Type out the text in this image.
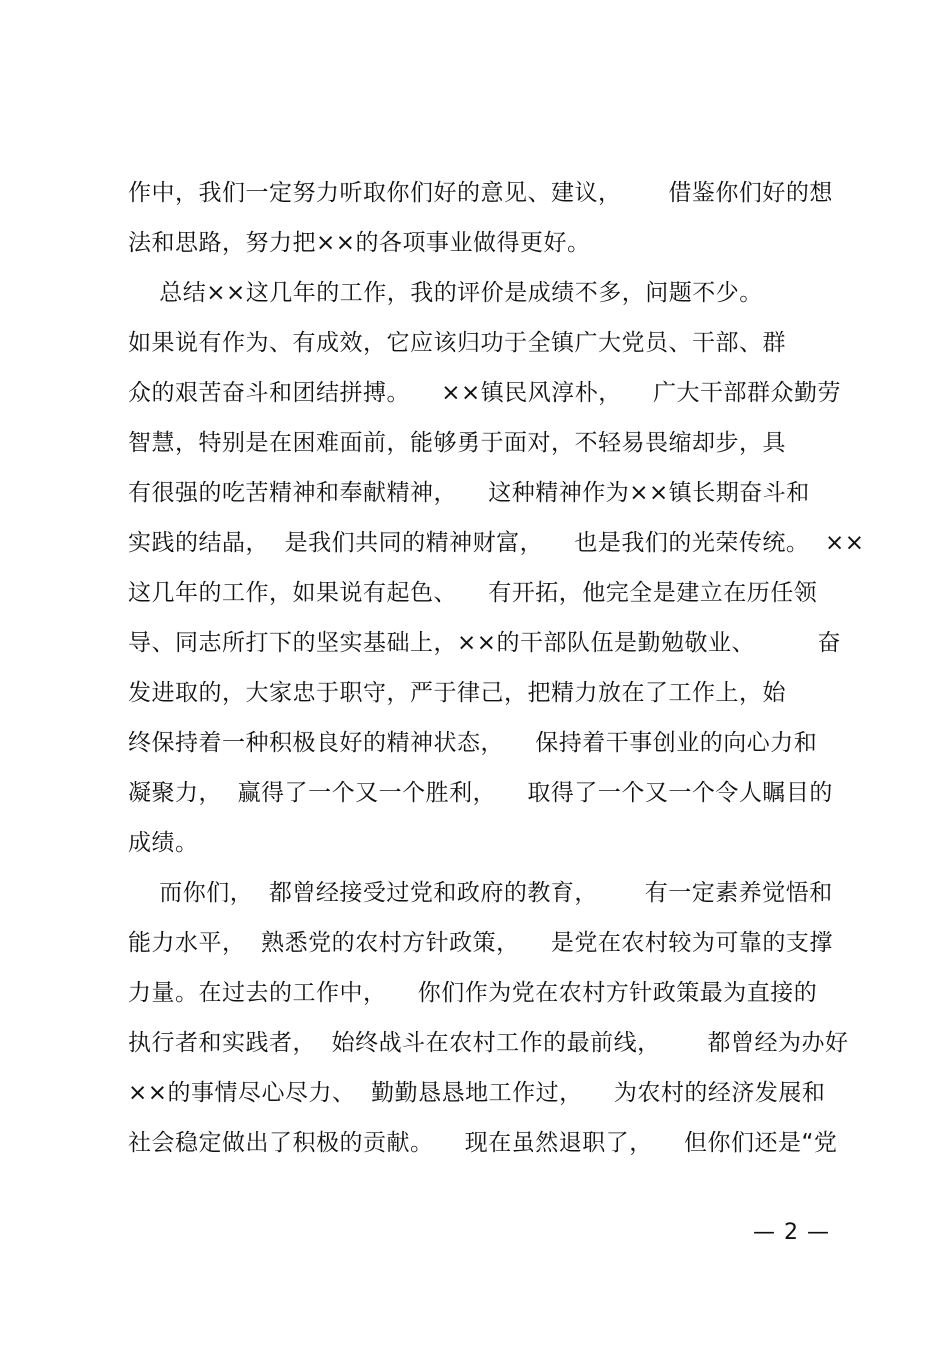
作中，我们一定努力听取你们好的意见、建议，      借鉴你们好的想
法和思路，努力把××的各项事业做得更好。
总结××这几年的工作，我的评价是成绩不多，问题不少。
如果说有作为、有成效，它应该归功于全镇广大党员、干部、群
众的艰苦奋斗和团结拼搏。    ××镇民风淳朴，    广大干部群众勤劳
智慧，特别是在困难面前，能够勇于面对，不轻易畏缩却步，具
有很强的吃苦精神和奉献精神，    这种精神作为××镇长期奋斗和
实践的结晶，  是我们共同的精神财富，    也是我们的光荣传统。  ××
这几年的工作，如果说有起色、    有开拓，他完全是建立在历任领
导、同志所打下的坚实基础上，××的干部队伍是勤勉敬业、        奋
发进取的，大家忠于职守，严于律己，把精力放在了工作上，始
终保持着一种积极良好的精神状态，    保持着干事创业的向心力和
凝聚力，  赢得了一个又一个胜利，    取得了一个又一个令人瞩目的
成绩。
而你们，  都曾经接受过党和政府的教育，      有一定素养觉悟和
能力水平，  熟悉党的农村方针政策，    是党在农村较为可靠的支撑
力量。在过去的工作中，    你们作为党在农村方针政策最为直接的
执行者和实践者，  始终战斗在农村工作的最前线，      都曾经为办好
××的事情尽心尽力、  勤勤恳恳地工作过，    为农村的经济发展和
社会稳定做出了积极的贡献。    现在虽然退职了，    但你们还是“党
— 2 —
